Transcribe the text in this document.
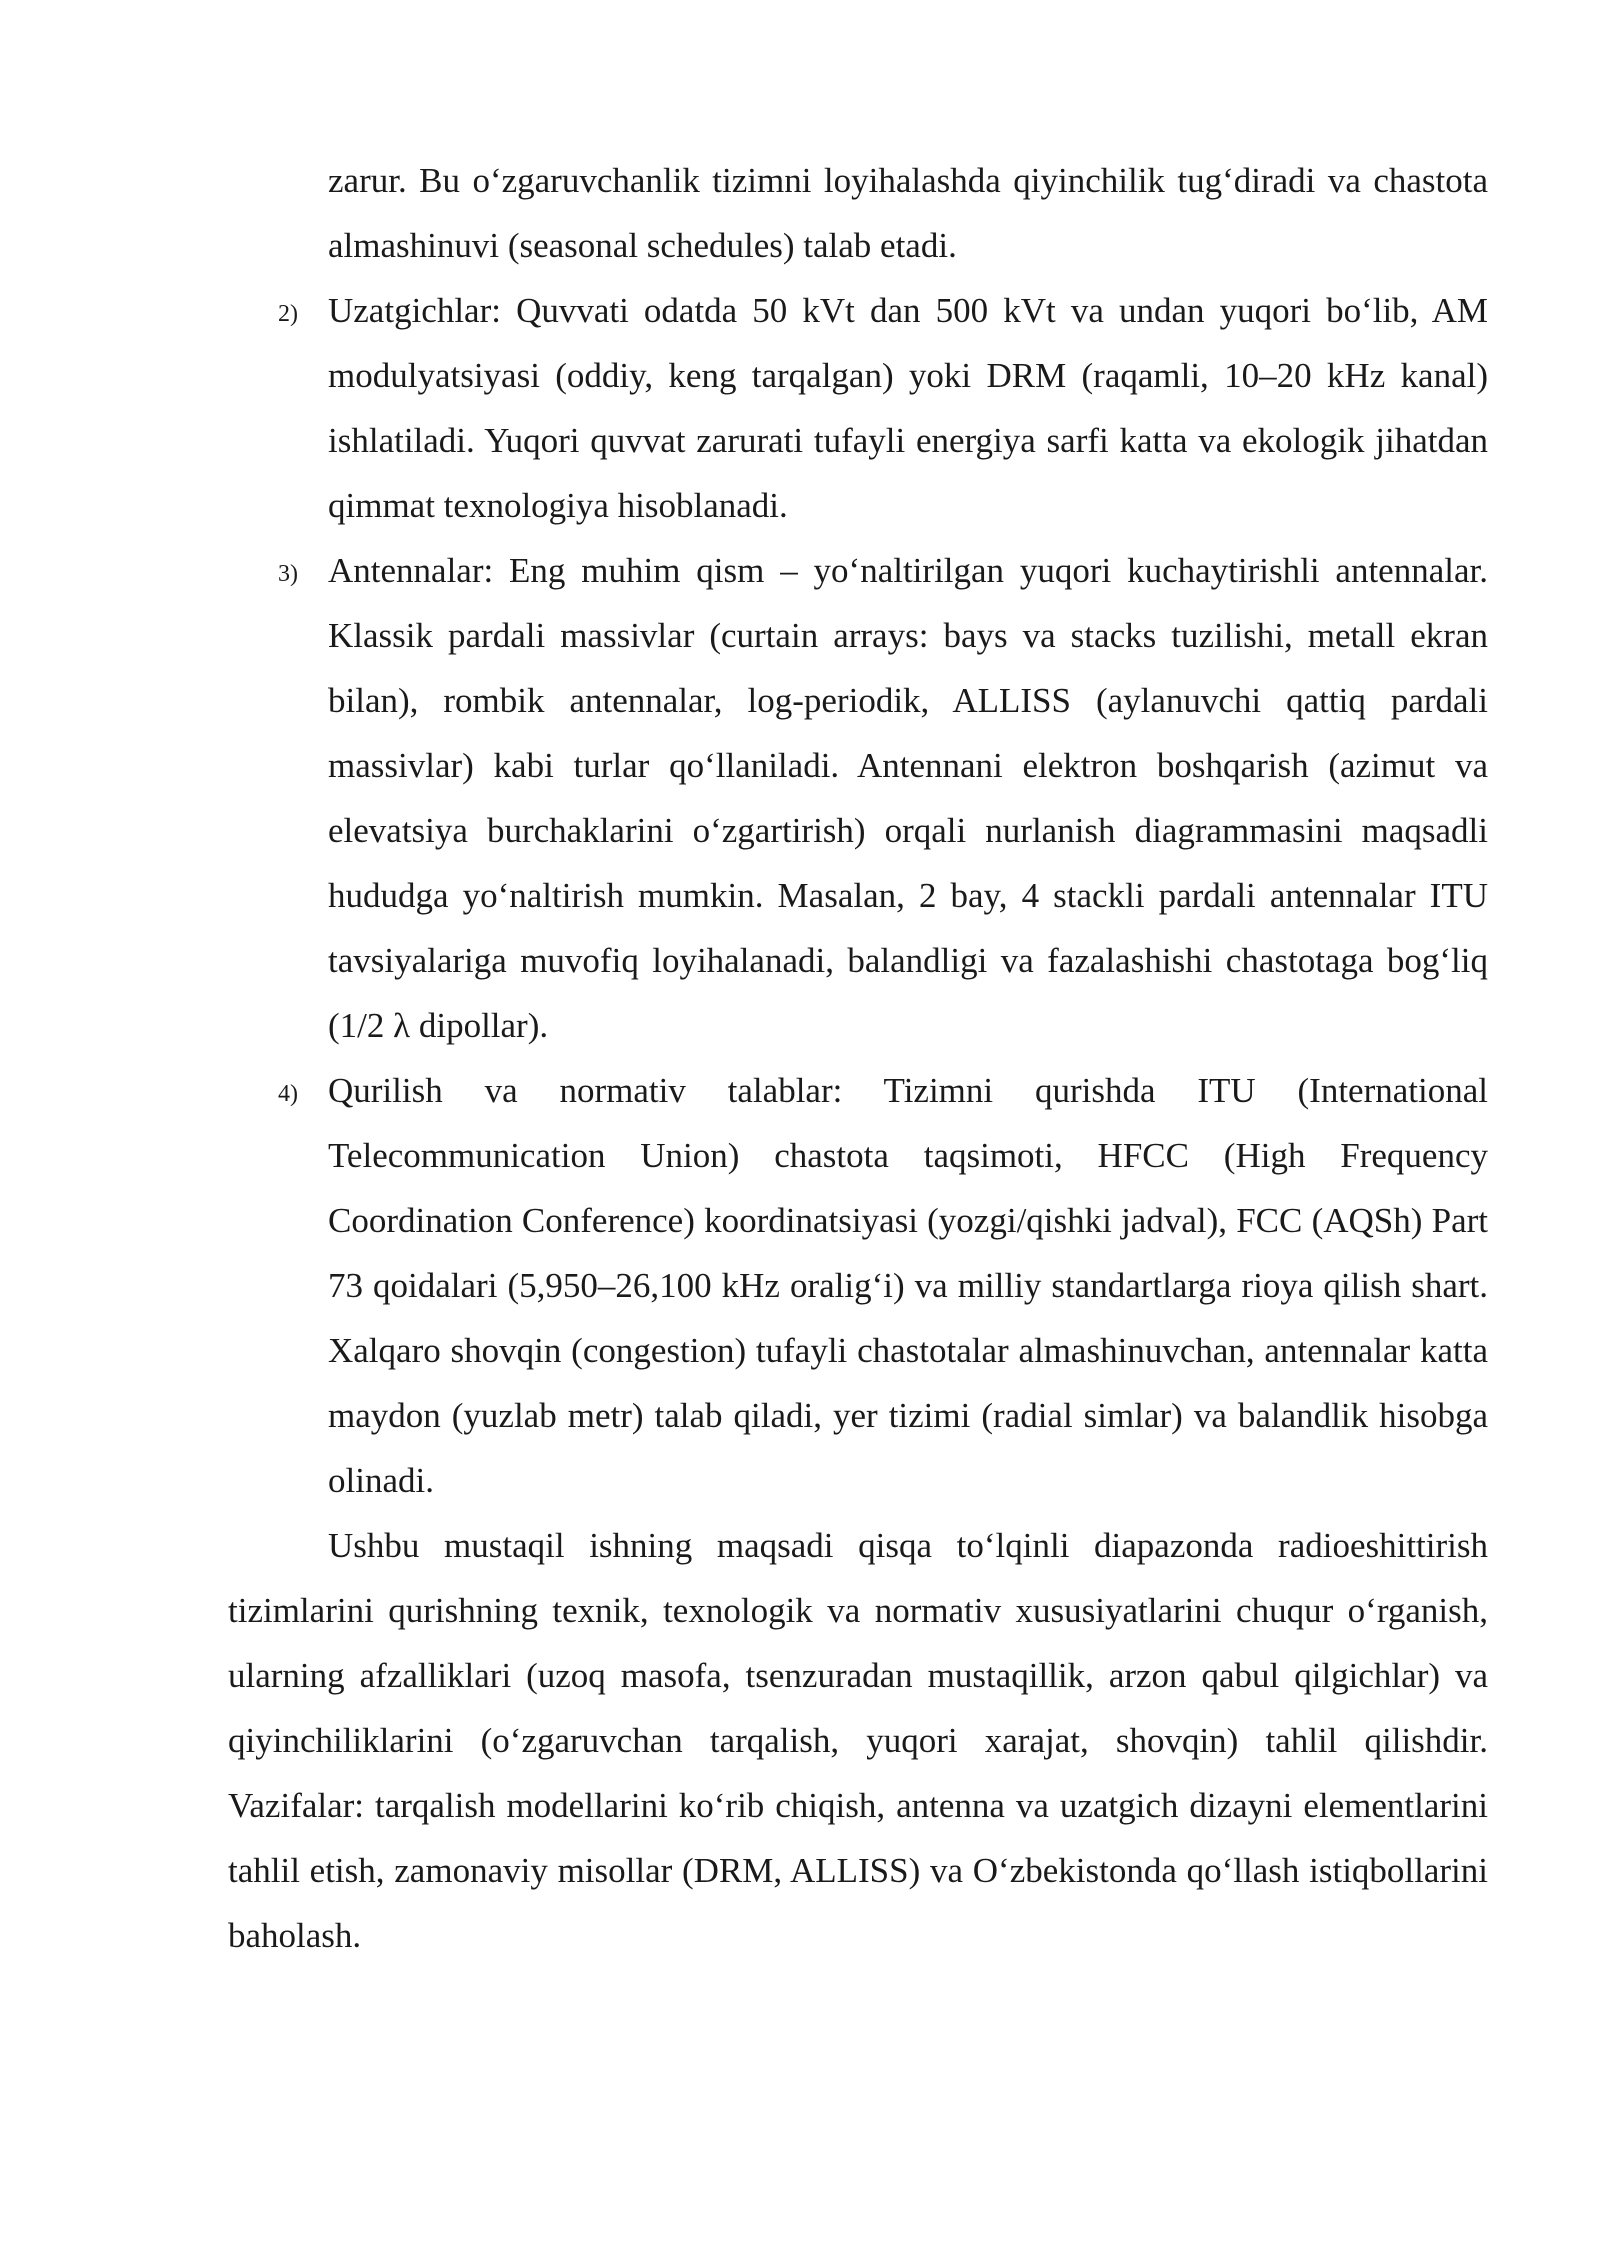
zarur. Bu o‘zgaruvchanlik tizimni loyihalashda qiyinchilik tug‘diradi va chastota almashinuvi (seasonal schedules) talab etadi.

2) Uzatgichlar: Quvvati odatda 50 kVt dan 500 kVt va undan yuqori bo‘lib, AM modulyatsiyasi (oddiy, keng tarqalgan) yoki DRM (raqamli, 10–20 kHz kanal) ishlatiladi. Yuqori quvvat zarurati tufayli energiya sarfi katta va ekologik jihatdan qimmat texnologiya hisoblanadi.
3) Antennalar: Eng muhim qism – yo‘naltirilgan yuqori kuchaytirishli antennalar. Klassik pardali massivlar (curtain arrays: bays va stacks tuzilishi, metall ekran bilan), rombik antennalar, log-periodik, ALLISS (aylanuvchi qattiq pardali massivlar) kabi turlar qo‘llaniladi. Antennani elektron boshqarish (azimut va elevatsiya burchaklarini o‘zgartirish) orqali nurlanish diagrammasini maqsadli hududga yo‘naltirish mumkin. Masalan, 2 bay, 4 stackli pardali antennalar ITU tavsiyalariga muvofiq loyihalanadi, balandligi va fazalashishi chastotaga bog‘liq (1/2 λ dipollar).
4) Qurilish va normativ talablar: Tizimni qurishda ITU (International Telecommunication Union) chastota taqsimoti, HFCC (High Frequency Coordination Conference) koordinatsiyasi (yozgi/qishki jadval), FCC (AQSh) Part 73 qoidalari (5,950–26,100 kHz oralig‘i) va milliy standartlarga rioya qilish shart. Xalqaro shovqin (congestion) tufayli chastotalar almashinuvchan, antennalar katta maydon (yuzlab metr) talab qiladi, yer tizimi (radial simlar) va balandlik hisobga olinadi.

Ushbu mustaqil ishning maqsadi qisqa to‘lqinli diapazonda radioeshittirish tizimlarini qurishning texnik, texnologik va normativ xususiyatlarini chuqur o‘rganish, ularning afzalliklari (uzoq masofa, tsenzuradan mustaqillik, arzon qabul qilgichlar) va qiyinchiliklarini (o‘zgaruvchan tarqalish, yuqori xarajat, shovqin) tahlil qilishdir. Vazifalar: tarqalish modellarini ko‘rib chiqish, antenna va uzatgich dizayni elementlarini tahlil etish, zamonaviy misollar (DRM, ALLISS) va O‘zbekistonda qo‘llash istiqbollarini baholash.
